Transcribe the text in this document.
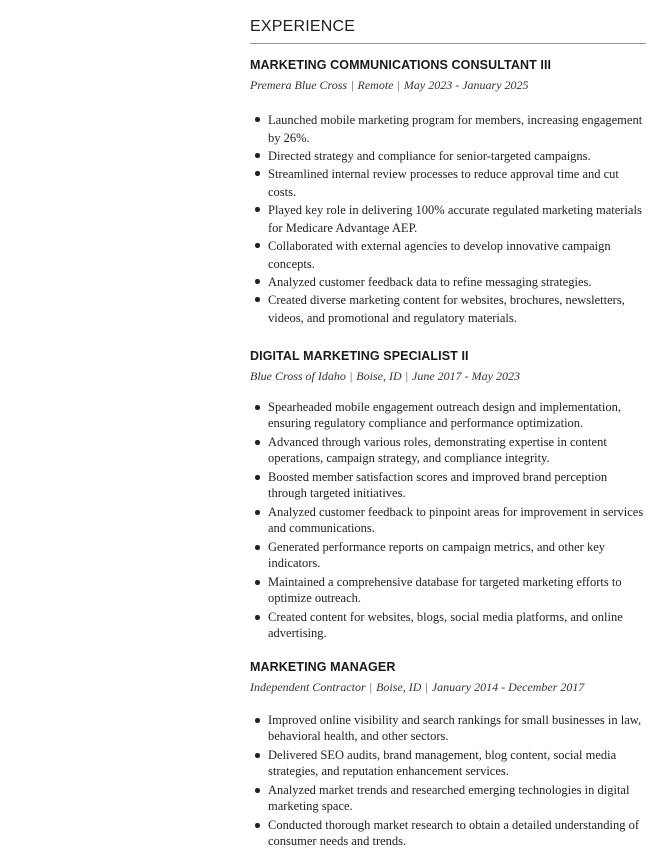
EXPERIENCE
MARKETING COMMUNICATIONS CONSULTANT III
Premera Blue Cross | Remote | May 2023 - January 2025
Launched mobile marketing program for members, increasing engagement by 26%.
Directed strategy and compliance for senior-targeted campaigns.
Streamlined internal review processes to reduce approval time and cut costs.
Played key role in delivering 100% accurate regulated marketing materials for Medicare Advantage AEP.
Collaborated with external agencies to develop innovative campaign concepts.
Analyzed customer feedback data to refine messaging strategies.
Created diverse marketing content for websites, brochures, newsletters, videos, and promotional and regulatory materials.
DIGITAL MARKETING SPECIALIST II
Blue Cross of Idaho | Boise, ID | June 2017 - May 2023
Spearheaded mobile engagement outreach design and implementation, ensuring regulatory compliance and performance optimization.
Advanced through various roles, demonstrating expertise in content operations, campaign strategy, and compliance integrity.
Boosted member satisfaction scores and improved brand perception through targeted initiatives.
Analyzed customer feedback to pinpoint areas for improvement in services and communications.
Generated performance reports on campaign metrics, and other key indicators.
Maintained a comprehensive database for targeted marketing efforts to optimize outreach.
Created content for websites, blogs, social media platforms, and online advertising.
MARKETING MANAGER
Independent Contractor | Boise, ID | January 2014 - December 2017
Improved online visibility and search rankings for small businesses in law, behavioral health, and other sectors.
Delivered SEO audits, brand management, blog content, social media strategies, and reputation enhancement services.
Analyzed market trends and researched emerging technologies in digital marketing space.
Conducted thorough market research to obtain a detailed understanding of consumer needs and trends.
